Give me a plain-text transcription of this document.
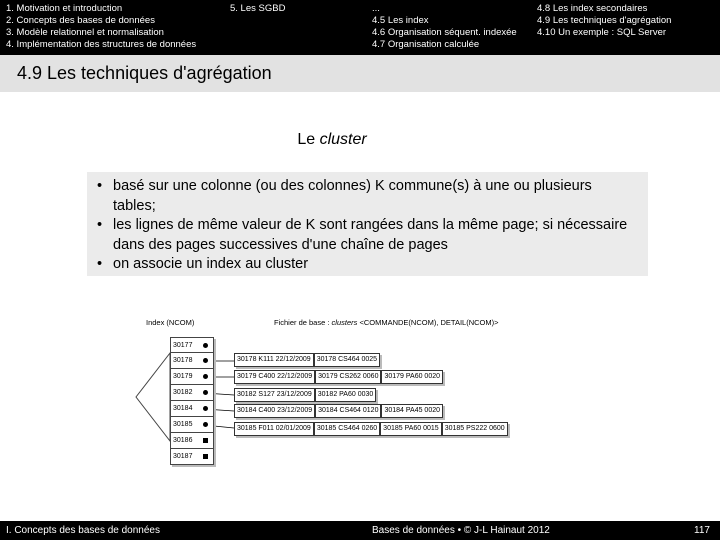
1. Motivation et introduction
2. Concepts des bases de données
3. Modèle relationnel et normalisation
4. Implémentation des structures de données
5. Les SGBD	...
4.5 Les index
4.6 Organisation séquent. indexée
4.7 Organisation calculée
4.8 Les index secondaires
4.9 Les techniques d'agrégation
4.10 Un exemple : SQL Server
4.9 Les techniques d'agrégation
Le cluster
• basé sur une colonne (ou des colonnes) K commune(s) à une ou plusieurs tables;
• les lignes de même valeur de K sont rangées dans la même page; si nécessaire dans des pages successives d'une chaîne de pages
• on associe un index au cluster
Index (NCOM)	Fichier de base : clusters <COMMANDE(NCOM), DETAIL(NCOM)>
30177
30178
30179
30182
30184
30185
30186
30187
30178 K111 22/12/2009 30178 CS464 0025
30179 C400 22/12/2009 30179 CS262 0060 30179 PA60 0020
30182 S127 23/12/2009 30182 PA60 0030
30184 C400 23/12/2009 30184 CS464 0120 30184 PA45 0020
30185 F011 02/01/2009 30185 CS464 0260 30185 PA60 0015 30185 PS222 0600
I. Concepts des bases de données	Bases de données • © J-L Hainaut 2012	117
